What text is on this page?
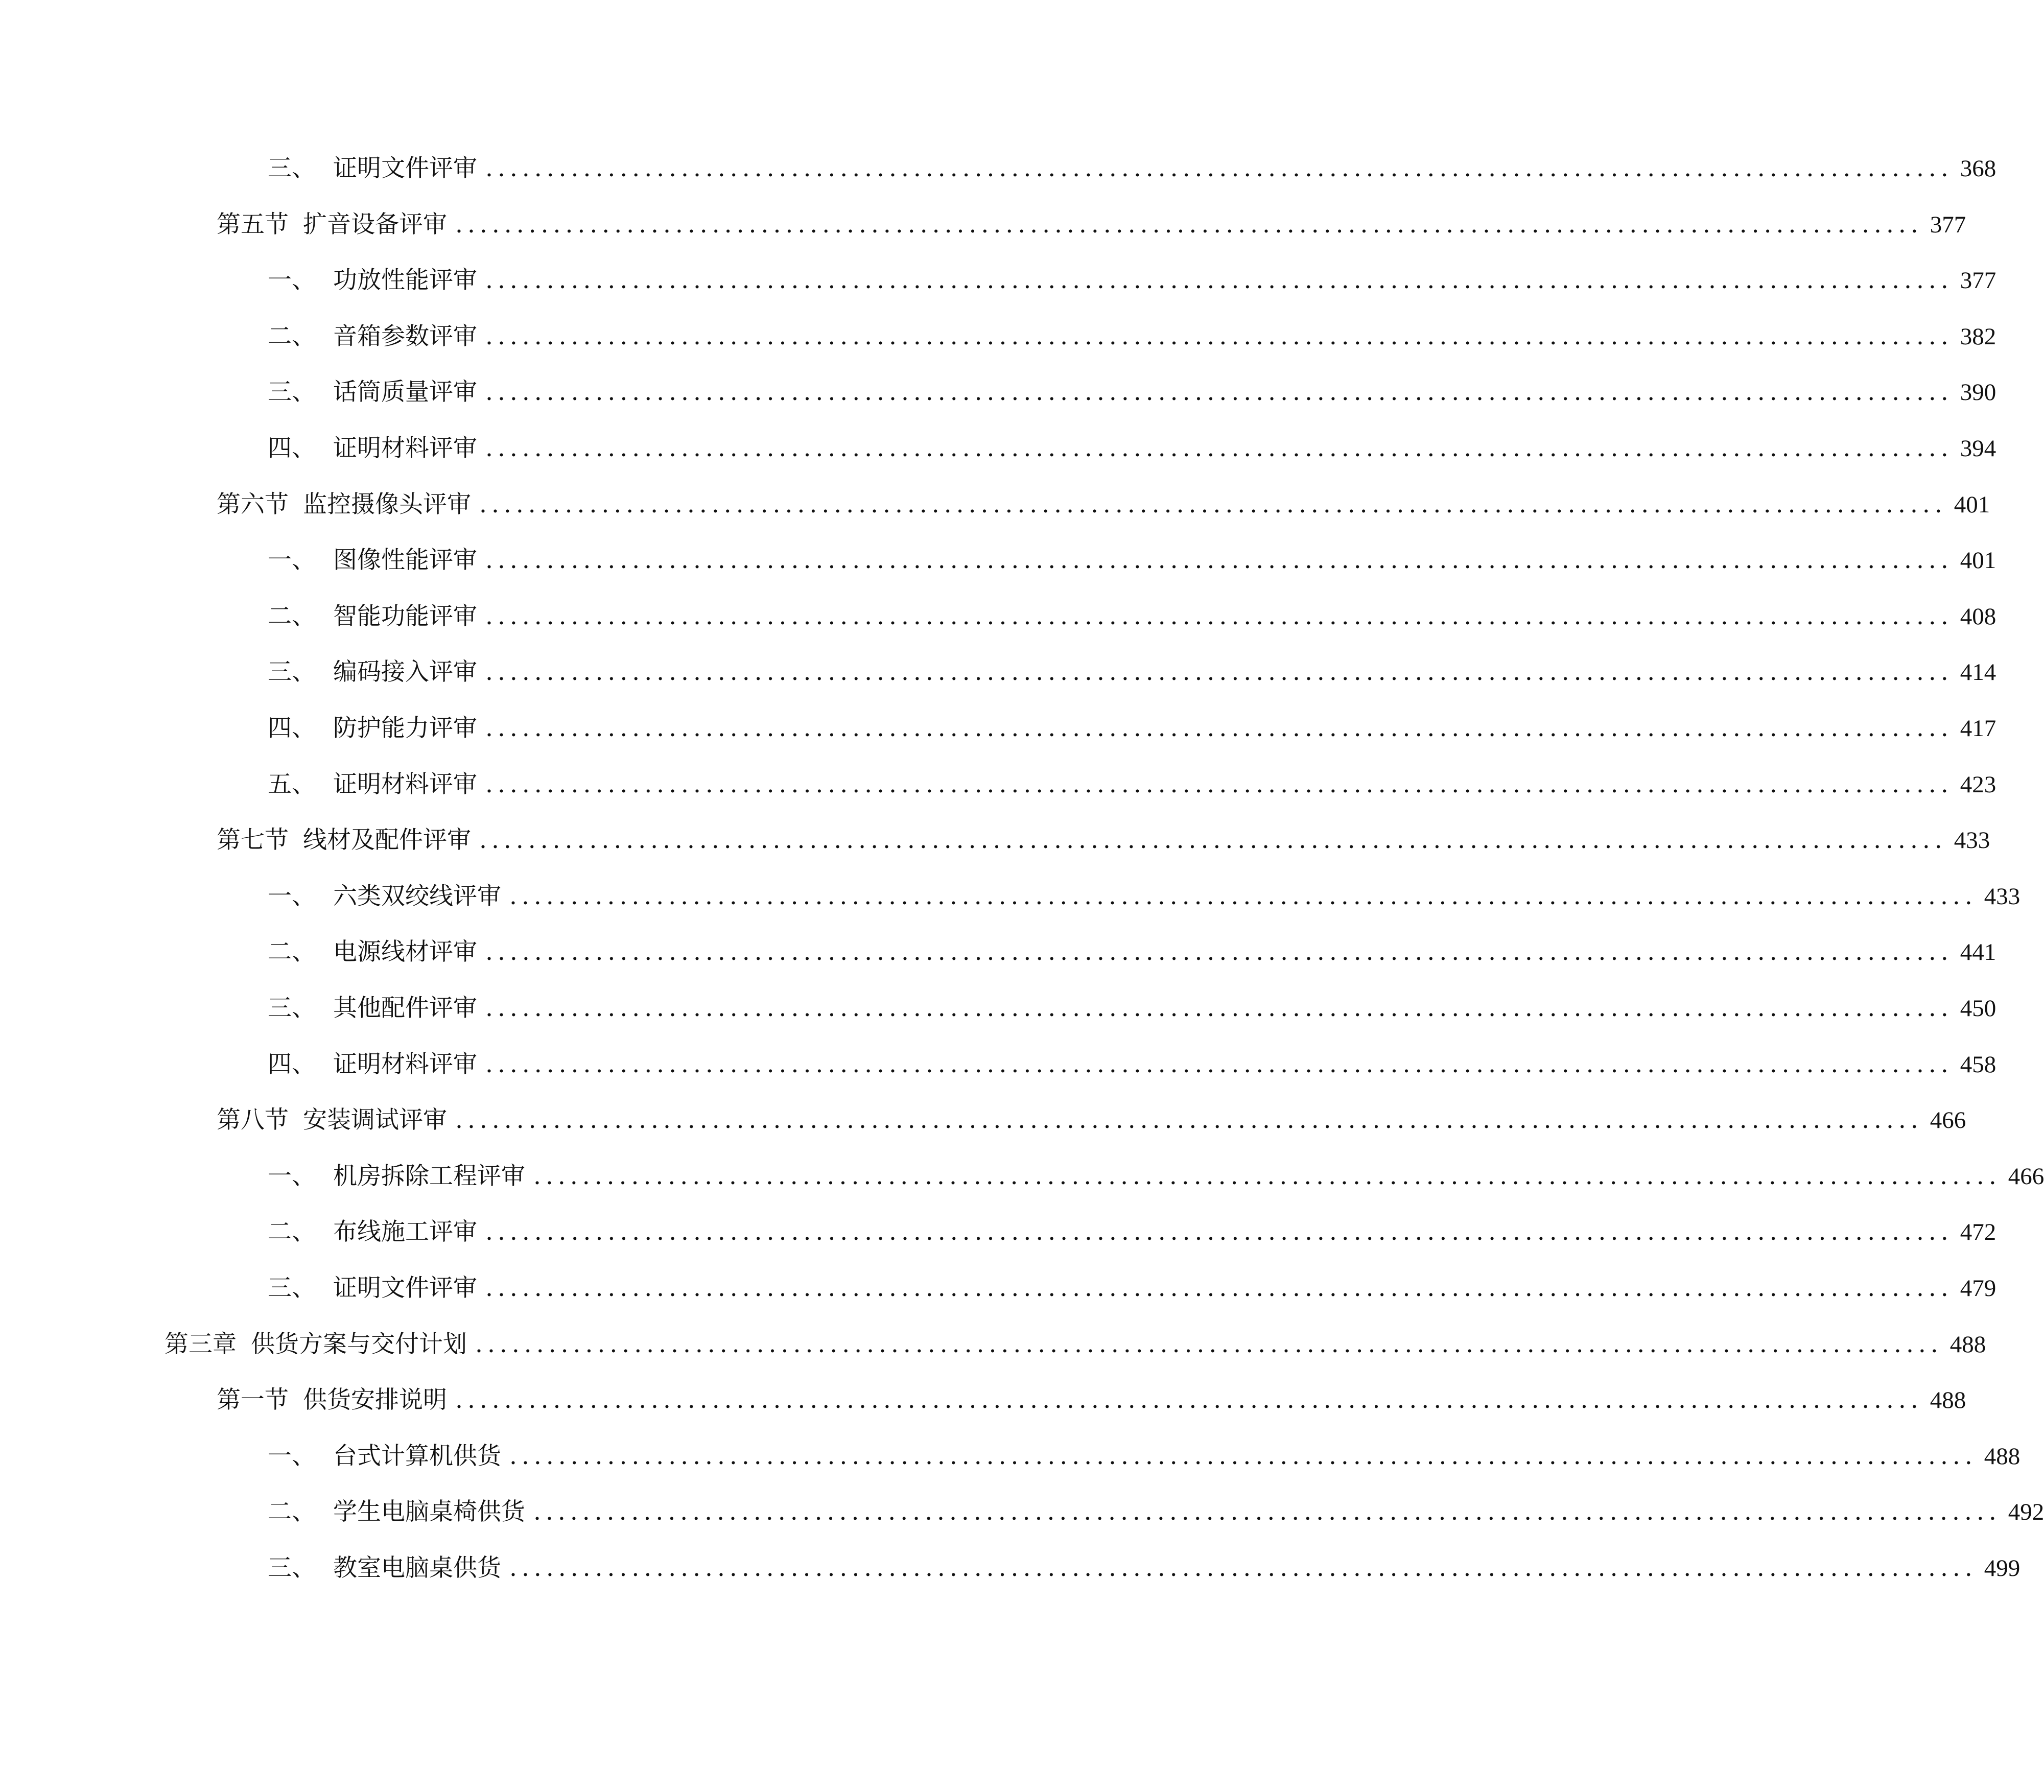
三、 证明文件评审 ........................................................................................................................ 368
第五节 扩音设备评审 ........................................................................................................................ 377
一、 功放性能评审 ........................................................................................................................ 377
二、 音箱参数评审 ........................................................................................................................ 382
三、 话筒质量评审 ........................................................................................................................ 390
四、 证明材料评审 ........................................................................................................................ 394
第六节 监控摄像头评审 ........................................................................................................................ 401
一、 图像性能评审 ........................................................................................................................ 401
二、 智能功能评审 ........................................................................................................................ 408
三、 编码接入评审 ........................................................................................................................ 414
四、 防护能力评审 ........................................................................................................................ 417
五、 证明材料评审 ........................................................................................................................ 423
第七节 线材及配件评审 ........................................................................................................................ 433
一、 六类双绞线评审 ........................................................................................................................ 433
二、 电源线材评审 ........................................................................................................................ 441
三、 其他配件评审 ........................................................................................................................ 450
四、 证明材料评审 ........................................................................................................................ 458
第八节 安装调试评审 ........................................................................................................................ 466
一、 机房拆除工程评审 ........................................................................................................................ 466
二、 布线施工评审 ........................................................................................................................ 472
三、 证明文件评审 ........................................................................................................................ 479
第三章 供货方案与交付计划 ........................................................................................................................ 488
第一节 供货安排说明 ........................................................................................................................ 488
一、 台式计算机供货 ........................................................................................................................ 488
二、 学生电脑桌椅供货 ........................................................................................................................ 492
三、 教室电脑桌供货 ........................................................................................................................ 499
